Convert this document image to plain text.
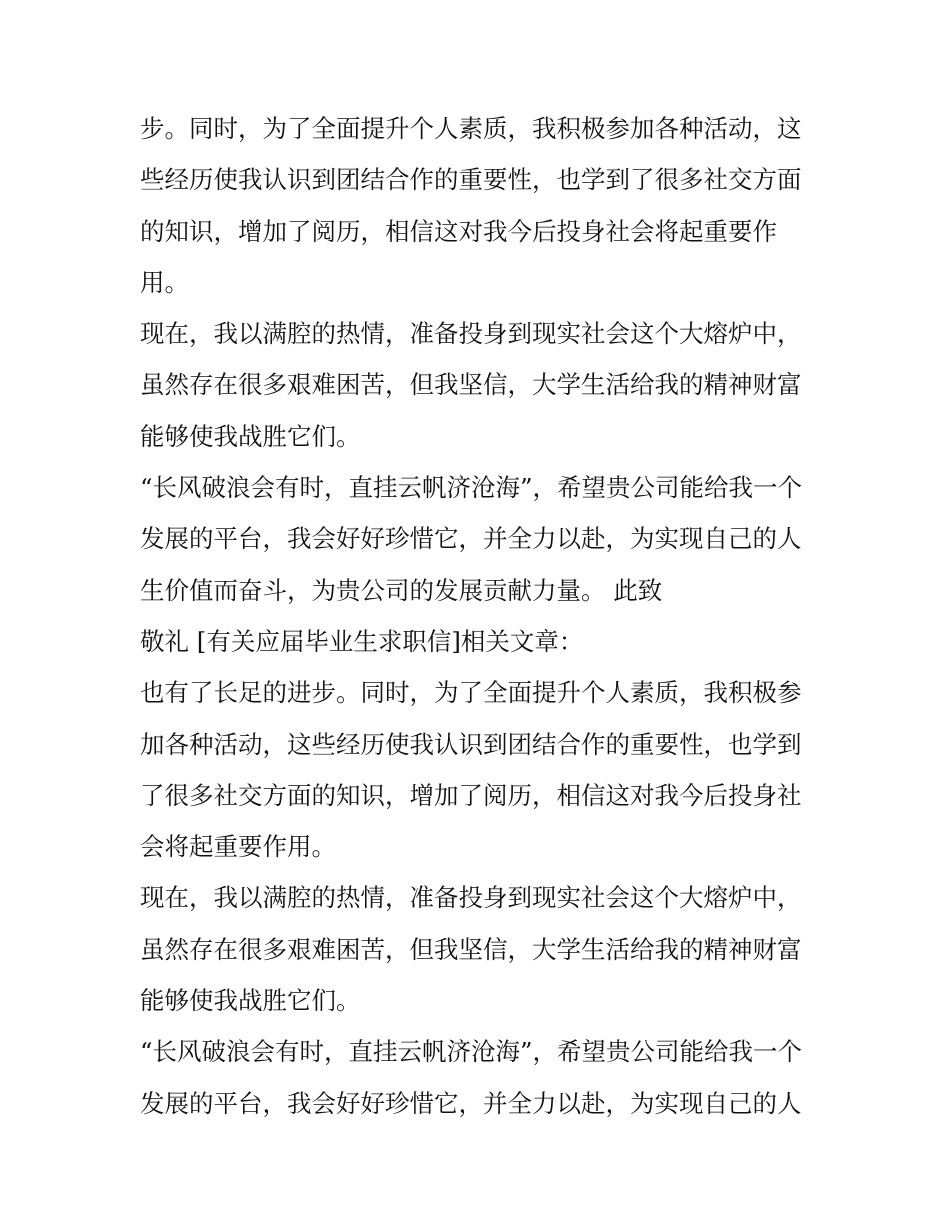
步。同时，为了全面提升个人素质，我积极参加各种活动，这
些经历使我认识到团结合作的重要性，也学到了很多社交方面
的知识，增加了阅历，相信这对我今后投身社会将起重要作
用。
现在，我以满腔的热情，准备投身到现实社会这个大熔炉中，
虽然存在很多艰难困苦，但我坚信，大学生活给我的精神财富
能够使我战胜它们。
“长风破浪会有时，直挂云帆济沧海”，希望贵公司能给我一个
发展的平台，我会好好珍惜它，并全力以赴，为实现自己的人
生价值而奋斗，为贵公司的发展贡献力量。 此致
敬礼 [有关应届毕业生求职信]相关文章：
也有了长足的进步。同时，为了全面提升个人素质，我积极参
加各种活动，这些经历使我认识到团结合作的重要性，也学到
了很多社交方面的知识，增加了阅历，相信这对我今后投身社
会将起重要作用。
现在，我以满腔的热情，准备投身到现实社会这个大熔炉中，
虽然存在很多艰难困苦，但我坚信，大学生活给我的精神财富
能够使我战胜它们。
“长风破浪会有时，直挂云帆济沧海”，希望贵公司能给我一个
发展的平台，我会好好珍惜它，并全力以赴，为实现自己的人
